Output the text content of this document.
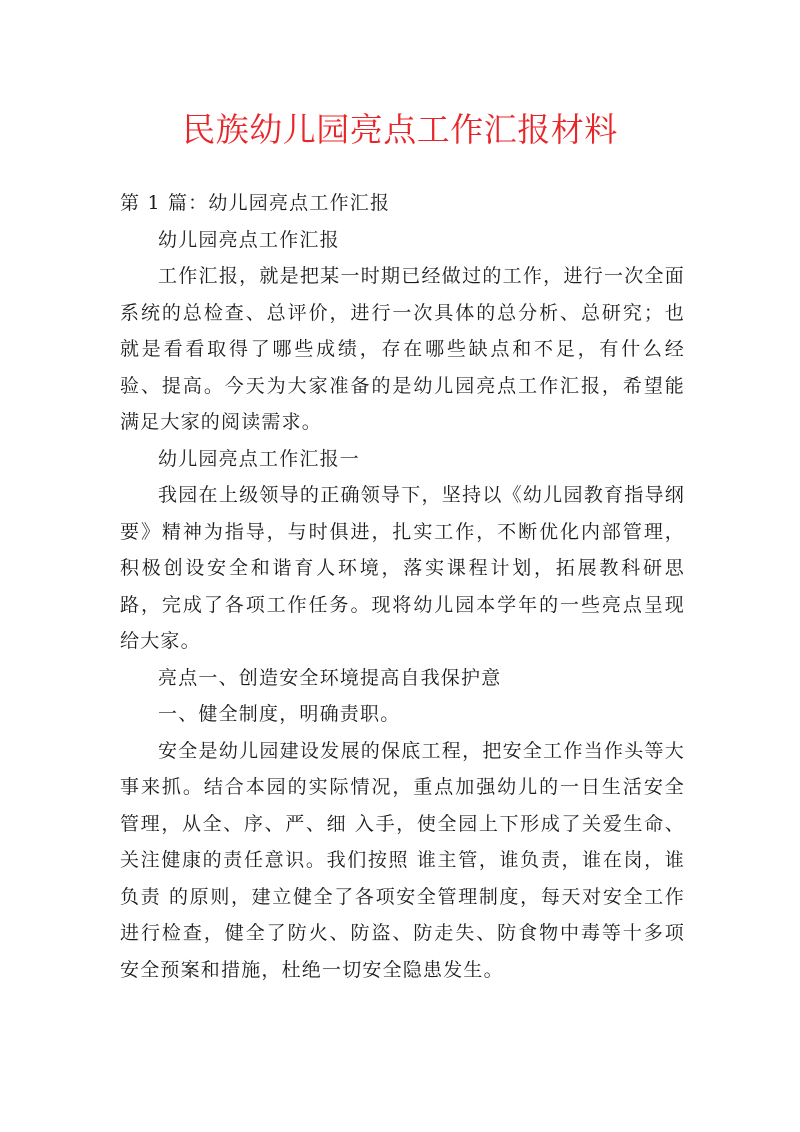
民族幼儿园亮点工作汇报材料

第 1 篇：幼儿园亮点工作汇报

幼儿园亮点工作汇报

工作汇报，就是把某一时期已经做过的工作，进行一次全面系统的总检查、总评价，进行一次具体的总分析、总研究；也就是看看取得了哪些成绩，存在哪些缺点和不足，有什么经验、提高。今天为大家准备的是幼儿园亮点工作汇报，希望能满足大家的阅读需求。

幼儿园亮点工作汇报一

我园在上级领导的正确领导下，坚持以《幼儿园教育指导纲要》精神为指导，与时俱进，扎实工作，不断优化内部管理，积极创设安全和谐育人环境，落实课程计划，拓展教科研思路，完成了各项工作任务。现将幼儿园本学年的一些亮点呈现给大家。

亮点一、创造安全环境提高自我保护意

一、健全制度，明确责职。

安全是幼儿园建设发展的保底工程，把安全工作当作头等大事来抓。结合本园的实际情况，重点加强幼儿的一日生活安全管理，从全、序、严、细 入手，使全园上下形成了关爱生命、关注健康的责任意识。我们按照 谁主管，谁负责，谁在岗，谁负责 的原则，建立健全了各项安全管理制度，每天对安全工作进行检查，健全了防火、防盗、防走失、防食物中毒等十多项安全预案和措施，杜绝一切安全隐患发生。
